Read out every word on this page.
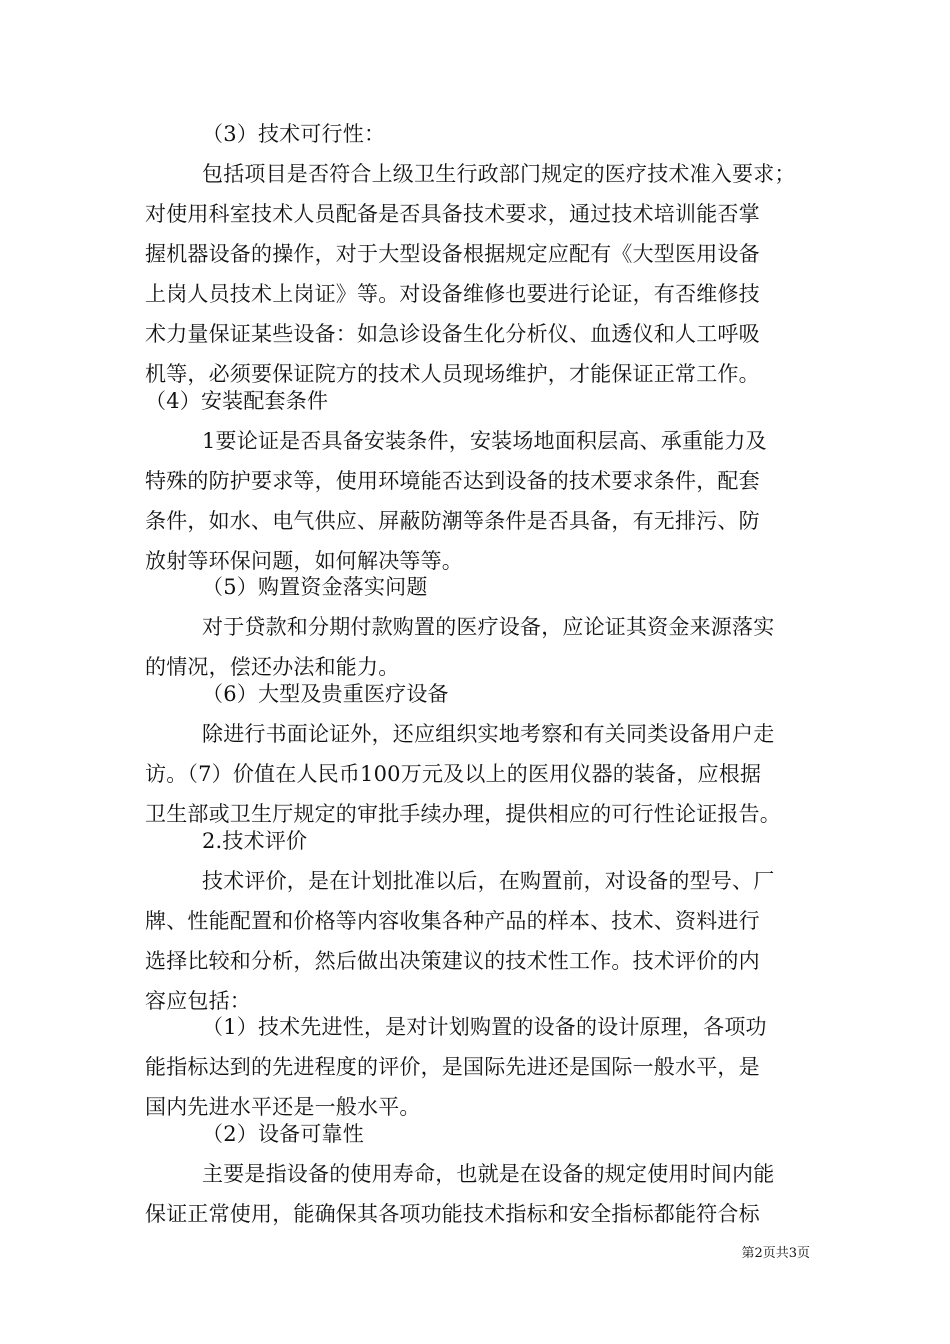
（3）技术可行性：
包括项目是否符合上级卫生行政部门规定的医疗技术准入要求；
对使用科室技术人员配备是否具备技术要求，通过技术培训能否掌
握机器设备的操作，对于大型设备根据规定应配有《大型医用设备
上岗人员技术上岗证》等。对设备维修也要进行论证，有否维修技
术力量保证某些设备：如急诊设备生化分析仪、血透仪和人工呼吸
机等，必须要保证院方的技术人员现场维护，才能保证正常工作。
（4）安装配套条件
1要论证是否具备安装条件，安装场地面积层高、承重能力及
特殊的防护要求等，使用环境能否达到设备的技术要求条件，配套
条件，如水、电气供应、屏蔽防潮等条件是否具备，有无排污、防
放射等环保问题，如何解决等等。
（5）购置资金落实问题
对于贷款和分期付款购置的医疗设备，应论证其资金来源落实
的情况，偿还办法和能力。
（6）大型及贵重医疗设备
除进行书面论证外，还应组织实地考察和有关同类设备用户走
访。（7）价值在人民币100万元及以上的医用仪器的装备，应根据
卫生部或卫生厅规定的审批手续办理，提供相应的可行性论证报告。
2.技术评价
技术评价，是在计划批准以后，在购置前，对设备的型号、厂
牌、性能配置和价格等内容收集各种产品的样本、技术、资料进行
选择比较和分析，然后做出决策建议的技术性工作。技术评价的内
容应包括：
（1）技术先进性，是对计划购置的设备的设计原理，各项功
能指标达到的先进程度的评价，是国际先进还是国际一般水平，是
国内先进水平还是一般水平。
（2）设备可靠性
主要是指设备的使用寿命，也就是在设备的规定使用时间内能
保证正常使用，能确保其各项功能技术指标和安全指标都能符合标
第2页共3页
